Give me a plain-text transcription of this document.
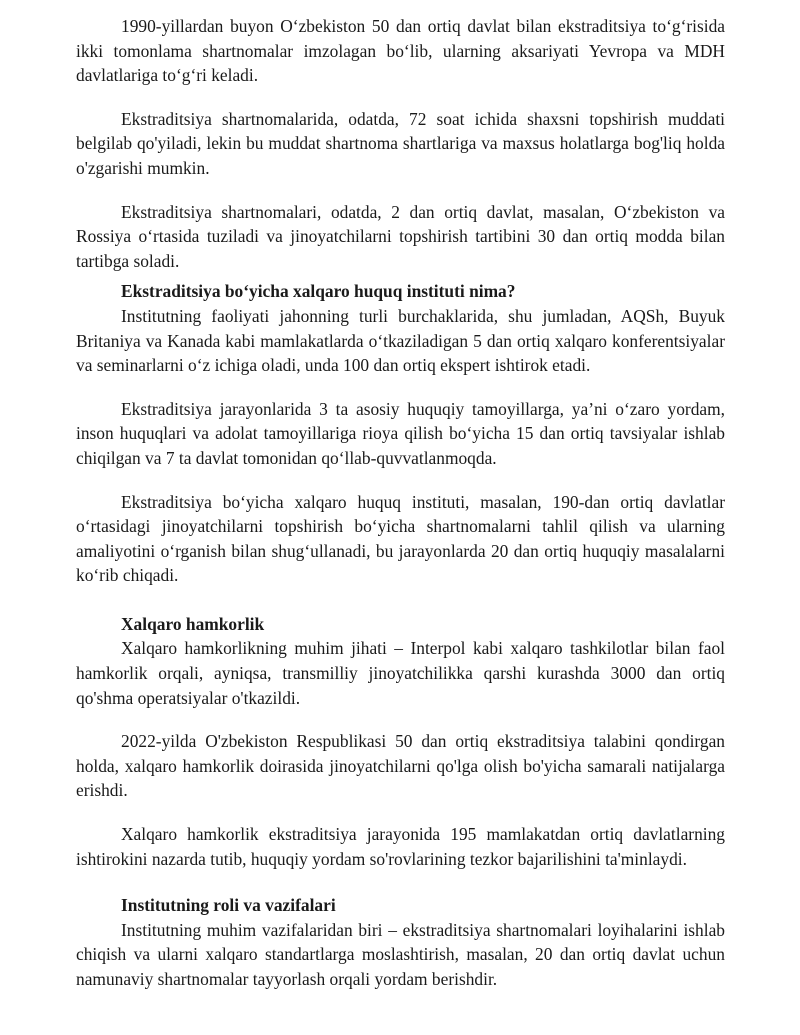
1990-yillardan buyon O‘zbekiston 50 dan ortiq davlat bilan ekstraditsiya to‘g‘risida ikki tomonlama shartnomalar imzolagan bo‘lib, ularning aksariyati Yevropa va MDH davlatlariga to‘g‘ri keladi.

Ekstraditsiya shartnomalarida, odatda, 72 soat ichida shaxsni topshirish muddati belgilab qo'yiladi, lekin bu muddat shartnoma shartlariga va maxsus holatlarga bog'liq holda o'zgarishi mumkin.

Ekstraditsiya shartnomalari, odatda, 2 dan ortiq davlat, masalan, O‘zbekiston va Rossiya o‘rtasida tuziladi va jinoyatchilarni topshirish tartibini 30 dan ortiq modda bilan tartibga soladi.

Ekstraditsiya bo‘yicha xalqaro huquq instituti nima?

Institutning faoliyati jahonning turli burchaklarida, shu jumladan, AQSh, Buyuk Britaniya va Kanada kabi mamlakatlarda o‘tkaziladigan 5 dan ortiq xalqaro konferentsiyalar va seminarlarni o‘z ichiga oladi, unda 100 dan ortiq ekspert ishtirok etadi.

Ekstraditsiya jarayonlarida 3 ta asosiy huquqiy tamoyillarga, ya’ni o‘zaro yordam, inson huquqlari va adolat tamoyillariga rioya qilish bo‘yicha 15 dan ortiq tavsiyalar ishlab chiqilgan va 7 ta davlat tomonidan qo‘llab-quvvatlanmoqda.

Ekstraditsiya bo‘yicha xalqaro huquq instituti, masalan, 190-dan ortiq davlatlar o‘rtasidagi jinoyatchilarni topshirish bo‘yicha shartnomalarni tahlil qilish va ularning amaliyotini o‘rganish bilan shug‘ullanadi, bu jarayonlarda 20 dan ortiq huquqiy masalalarni ko‘rib chiqadi.

Xalqaro hamkorlik

Xalqaro hamkorlikning muhim jihati – Interpol kabi xalqaro tashkilotlar bilan faol hamkorlik orqali, ayniqsa, transmilliy jinoyatchilikka qarshi kurashda 3000 dan ortiq qo'shma operatsiyalar o'tkazildi.

2022-yilda O'zbekiston Respublikasi 50 dan ortiq ekstraditsiya talabini qondirgan holda, xalqaro hamkorlik doirasida jinoyatchilarni qo'lga olish bo'yicha samarali natijalarga erishdi.

Xalqaro hamkorlik ekstraditsiya jarayonida 195 mamlakatdan ortiq davlatlarning ishtirokini nazarda tutib, huquqiy yordam so'rovlarining tezkor bajarilishini ta'minlaydi.

Institutning roli va vazifalari

Institutning muhim vazifalaridan biri – ekstraditsiya shartnomalari loyihalarini ishlab chiqish va ularni xalqaro standartlarga moslashtirish, masalan, 20 dan ortiq davlat uchun namunaviy shartnomalar tayyorlash orqali yordam berishdir.
